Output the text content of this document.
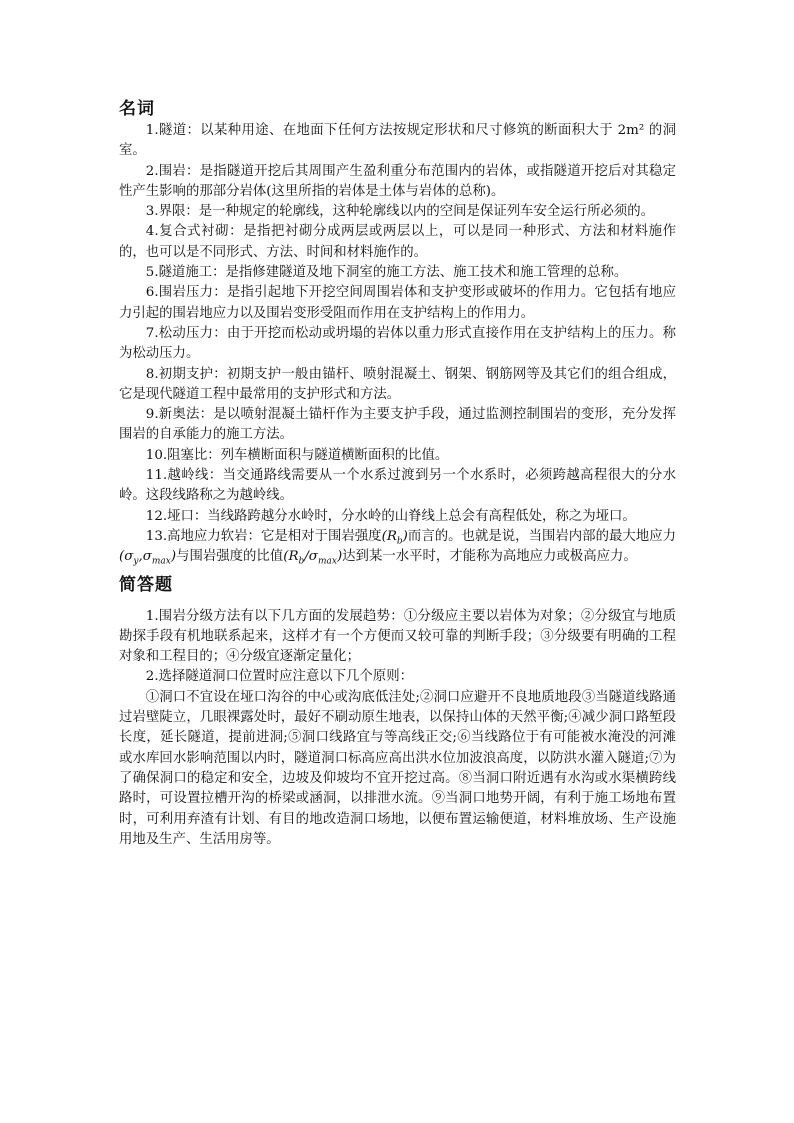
名词

1.隧道：以某种用途、在地面下任何方法按规定形状和尺寸修筑的断面积大于 2m² 的洞室。

2.围岩：是指隧道开挖后其周围产生盈利重分布范围内的岩体，或指隧道开挖后对其稳定性产生影响的那部分岩体(这里所指的岩体是土体与岩体的总称)。

3.界限：是一种规定的轮廓线，这种轮廓线以内的空间是保证列车安全运行所必须的。

4.复合式衬砌：是指把衬砌分成两层或两层以上，可以是同一种形式、方法和材料施作的，也可以是不同形式、方法、时间和材料施作的。

5.隧道施工：是指修建隧道及地下洞室的施工方法、施工技术和施工管理的总称。

6.围岩压力：是指引起地下开挖空间周围岩体和支护变形或破坏的作用力。它包括有地应力引起的围岩地应力以及围岩变形受阻而作用在支护结构上的作用力。

7.松动压力：由于开挖而松动或坍塌的岩体以重力形式直接作用在支护结构上的压力。称为松动压力。

8.初期支护：初期支护一般由锚杆、喷射混凝土、钢架、钢筋网等及其它们的组合组成，它是现代隧道工程中最常用的支护形式和方法。

9.新奥法：是以喷射混凝土锚杆作为主要支护手段，通过监测控制围岩的变形，充分发挥围岩的自承能力的施工方法。

10.阻塞比：列车横断面积与隧道横断面积的比值。

11.越岭线：当交通路线需要从一个水系过渡到另一个水系时，必须跨越高程很大的分水岭。这段线路称之为越岭线。

12.垭口：当线路跨越分水岭时，分水岭的山脊线上总会有高程低处，称之为垭口。

13.高地应力软岩：它是相对于围岩强度$(R_b)$而言的。也就是说，当围岩内部的最大地应力$(\sigma_y,\sigma_{max})$与围岩强度的比值$(R_b/\sigma_{max})$达到某一水平时，才能称为高地应力或极高应力。

简答题

1.围岩分级方法有以下几方面的发展趋势：①分级应主要以岩体为对象；②分级宜与地质勘探手段有机地联系起来，这样才有一个方便而又较可靠的判断手段；③分级要有明确的工程对象和工程目的；④分级宜逐渐定量化；

2.选择隧道洞口位置时应注意以下几个原则：

①洞口不宜设在垭口沟谷的中心或沟底低洼处;②洞口应避开不良地质地段③当隧道线路通过岩壁陡立，几眼裸露处时，最好不刷动原生地表，以保持山体的天然平衡;④减少洞口路堑段长度，延长隧道，提前进洞;⑤洞口线路宜与等高线正交;⑥当线路位于有可能被水淹没的河滩或水库回水影响范围以内时，隧道洞口标高应高出洪水位加波浪高度，以防洪水灌入隧道;⑦为了确保洞口的稳定和安全，边坡及仰坡均不宜开挖过高。⑧当洞口附近遇有水沟或水渠横跨线路时，可设置拉槽开沟的桥梁或涵洞，以排泄水流。⑨当洞口地势开阔，有利于施工场地布置时，可利用弃渣有计划、有目的地改造洞口场地，以便布置运输便道，材料堆放场、生产设施用地及生产、生活用房等。
